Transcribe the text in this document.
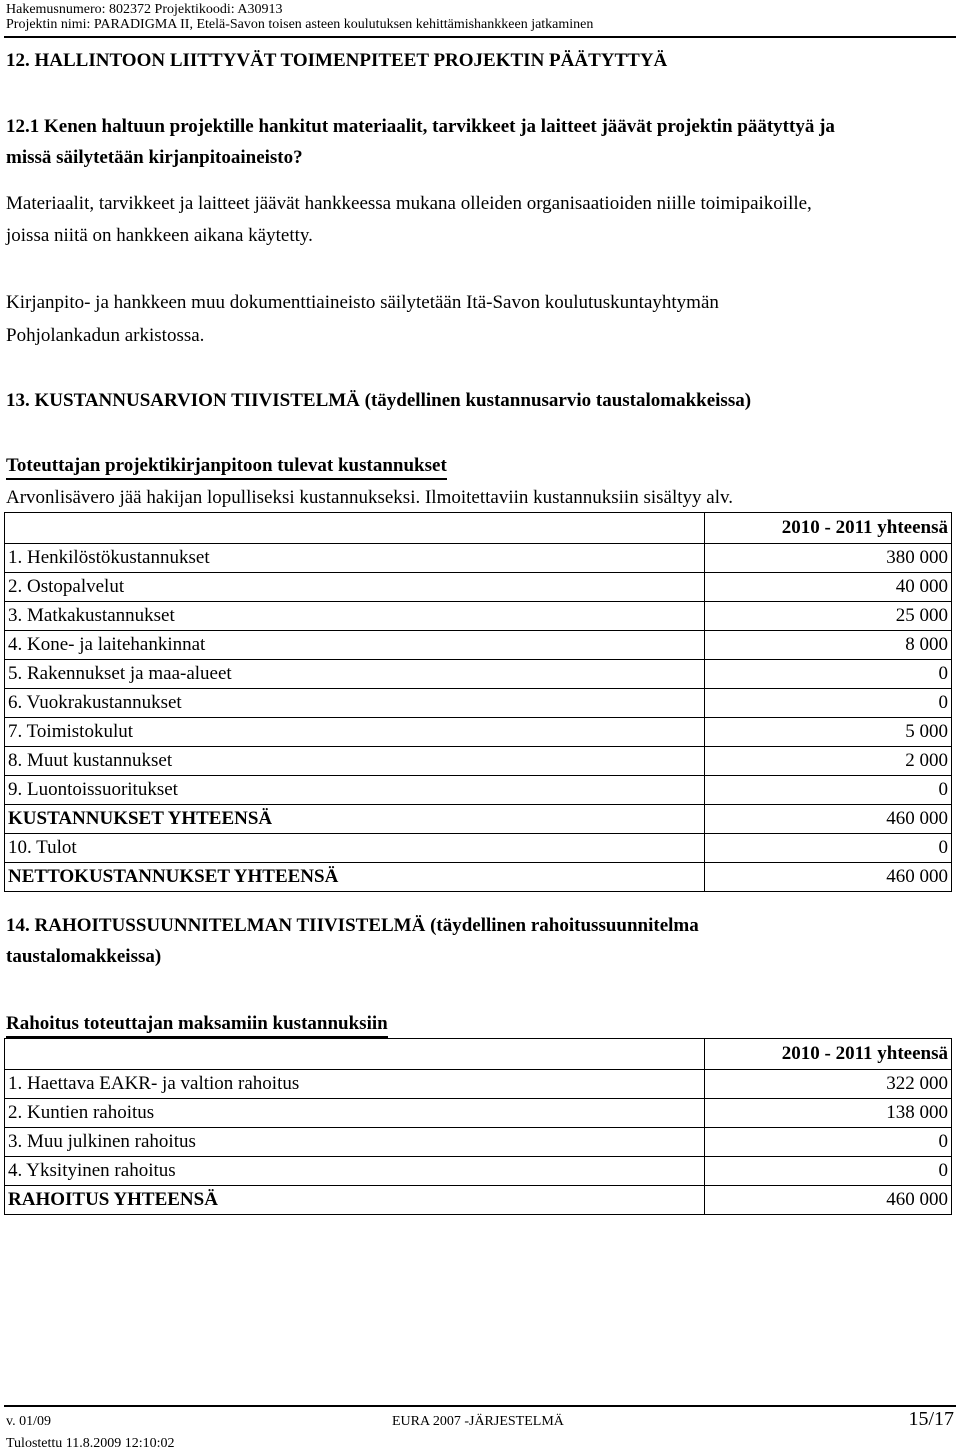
Hakemusnumero: 802372 Projektikoodi: A30913
Projektin nimi: PARADIGMA II, Etelä-Savon toisen asteen koulutuksen kehittämishankkeen jatkaminen
12. HALLINTOON LIITTYVÄT TOIMENPITEET PROJEKTIN PÄÄTYTTYÄ
12.1 Kenen haltuun projektille hankitut materiaalit, tarvikkeet ja laitteet jäävät projektin päätyttyä ja
missä säilytetään kirjanpitoaineisto?
Materiaalit, tarvikkeet ja laitteet jäävät hankkeessa mukana olleiden organisaatioiden niille toimipaikoille,
joissa niitä on hankkeen aikana käytetty.
Kirjanpito- ja hankkeen muu dokumenttiaineisto säilytetään Itä-Savon koulutuskuntayhtymän
Pohjolankadun arkistossa.
13. KUSTANNUSARVION TIIVISTELMÄ (täydellinen kustannusarvio taustalomakkeissa)
Toteuttajan projektikirjanpitoon tulevat kustannukset
Arvonlisävero jää hakijan lopulliseksi kustannukseksi. Ilmoitettaviin kustannuksiin sisältyy alv.
	2010 - 2011 yhteensä
1. Henkilöstökustannukset	380 000
2. Ostopalvelut	40 000
3. Matkakustannukset	25 000
4. Kone- ja laitehankinnat	8 000
5. Rakennukset ja maa-alueet	0
6. Vuokrakustannukset	0
7. Toimistokulut	5 000
8. Muut kustannukset	2 000
9. Luontoissuoritukset	0
KUSTANNUKSET YHTEENSÄ	460 000
10. Tulot	0
NETTOKUSTANNUKSET YHTEENSÄ	460 000
14. RAHOITUSSUUNNITELMAN TIIVISTELMÄ (täydellinen rahoitussuunnitelma
taustalomakkeissa)
Rahoitus toteuttajan maksamiin kustannuksiin
	2010 - 2011 yhteensä
1. Haettava EAKR- ja valtion rahoitus	322 000
2. Kuntien rahoitus	138 000
3. Muu julkinen rahoitus	0
4. Yksityinen rahoitus	0
RAHOITUS YHTEENSÄ	460 000
v. 01/09	EURA 2007 -JÄRJESTELMÄ	15/17
Tulostettu 11.8.2009 12:10:02
